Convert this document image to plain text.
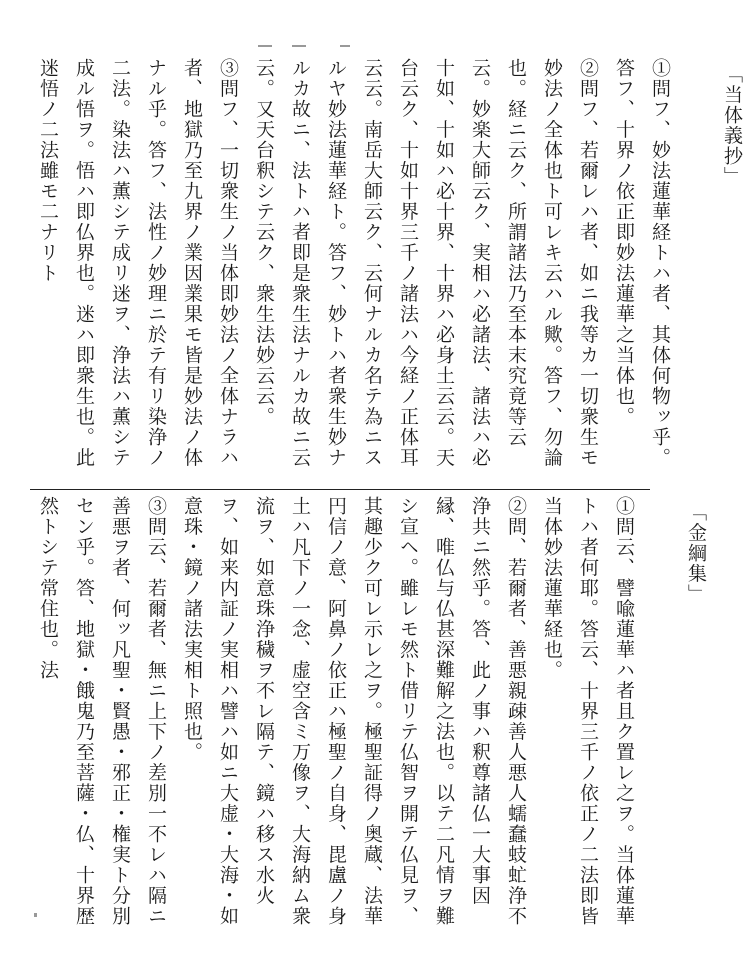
「当体義抄」

①問フ、妙法蓮華経トハ者、其体何物ッ乎。答フ、十界ノ依正即妙法蓮華之当体也。

②問フ、若爾レハ者、如ニ我等カ一切衆生モ妙法ノ全体也ト可レキ云ハル歟。答フ、勿論也。経ニ云ク、所謂諸法乃至本末究竟等云云。妙楽大師云ク、実相ハ必諸法、諸法ハ必十如、十如ハ必十界、十界ハ必身土云云。天台云ク、十如十界三千ノ諸法ハ今経ノ正体耳云云。南岳大師云ク、云何ナルカ名テ為ニスルヤ妙法蓮華経ト。答フ、妙トハ者衆生妙ナルカ故ニ、法トハ者即是衆生法ナルカ故ニ云云。又天台釈シテ云ク、衆生法妙云云。

③問フ、一切衆生ノ当体即妙法ノ全体ナラハ者、地獄乃至九界ノ業因業果モ皆是妙法ノ体ナル乎。答フ、法性ノ妙理ニ於テ有リ染浄ノ二法。染法ハ薫シテ成リ迷ヲ、浄法ハ薫シテ成ル悟ヲ。悟ハ即仏界也。迷ハ即衆生也。此迷悟ノ二法雖モ二ナリト

「金綱集」

①問云、譬喩蓮華ハ者且ク置レ之ヲ。当体蓮華トハ者何耶。答云、十界三千ノ依正ノ二法即皆当体妙法蓮華経也。

②問、若爾者、善悪親疎善人悪人蠕蠢蚑虻浄不浄共ニ然乎。答、此ノ事ハ釈尊諸仏一大事因縁、唯仏与仏甚深難解之法也。以テ二凡情ヲ難シ宣ヘ。雖レモ然ト借リテ仏智ヲ開テ仏見ヲ、其趣少ク可レ示レ之ヲ。極聖証得ノ奥蔵、法華円信ノ意、阿鼻ノ依正ハ極聖ノ自身、毘盧ノ身土ハ凡下ノ一念、虚空含ミ万像ヲ、大海納ム衆流ヲ、如意珠浄穢ヲ不レ隔テ、鏡ハ移ス水火ヲ、如来内証ノ実相ハ譬ハ如ニ大虚・大海・如意珠・鏡ノ諸法実相ト照也。

③問云、若爾者、無ニ上下ノ差別一不レハ隔ニ善悪ヲ者、何ッ凡聖・賢愚・邪正・権実ト分別セン乎。答、地獄・餓鬼乃至菩薩・仏、十界歴然トシテ常住也。法
